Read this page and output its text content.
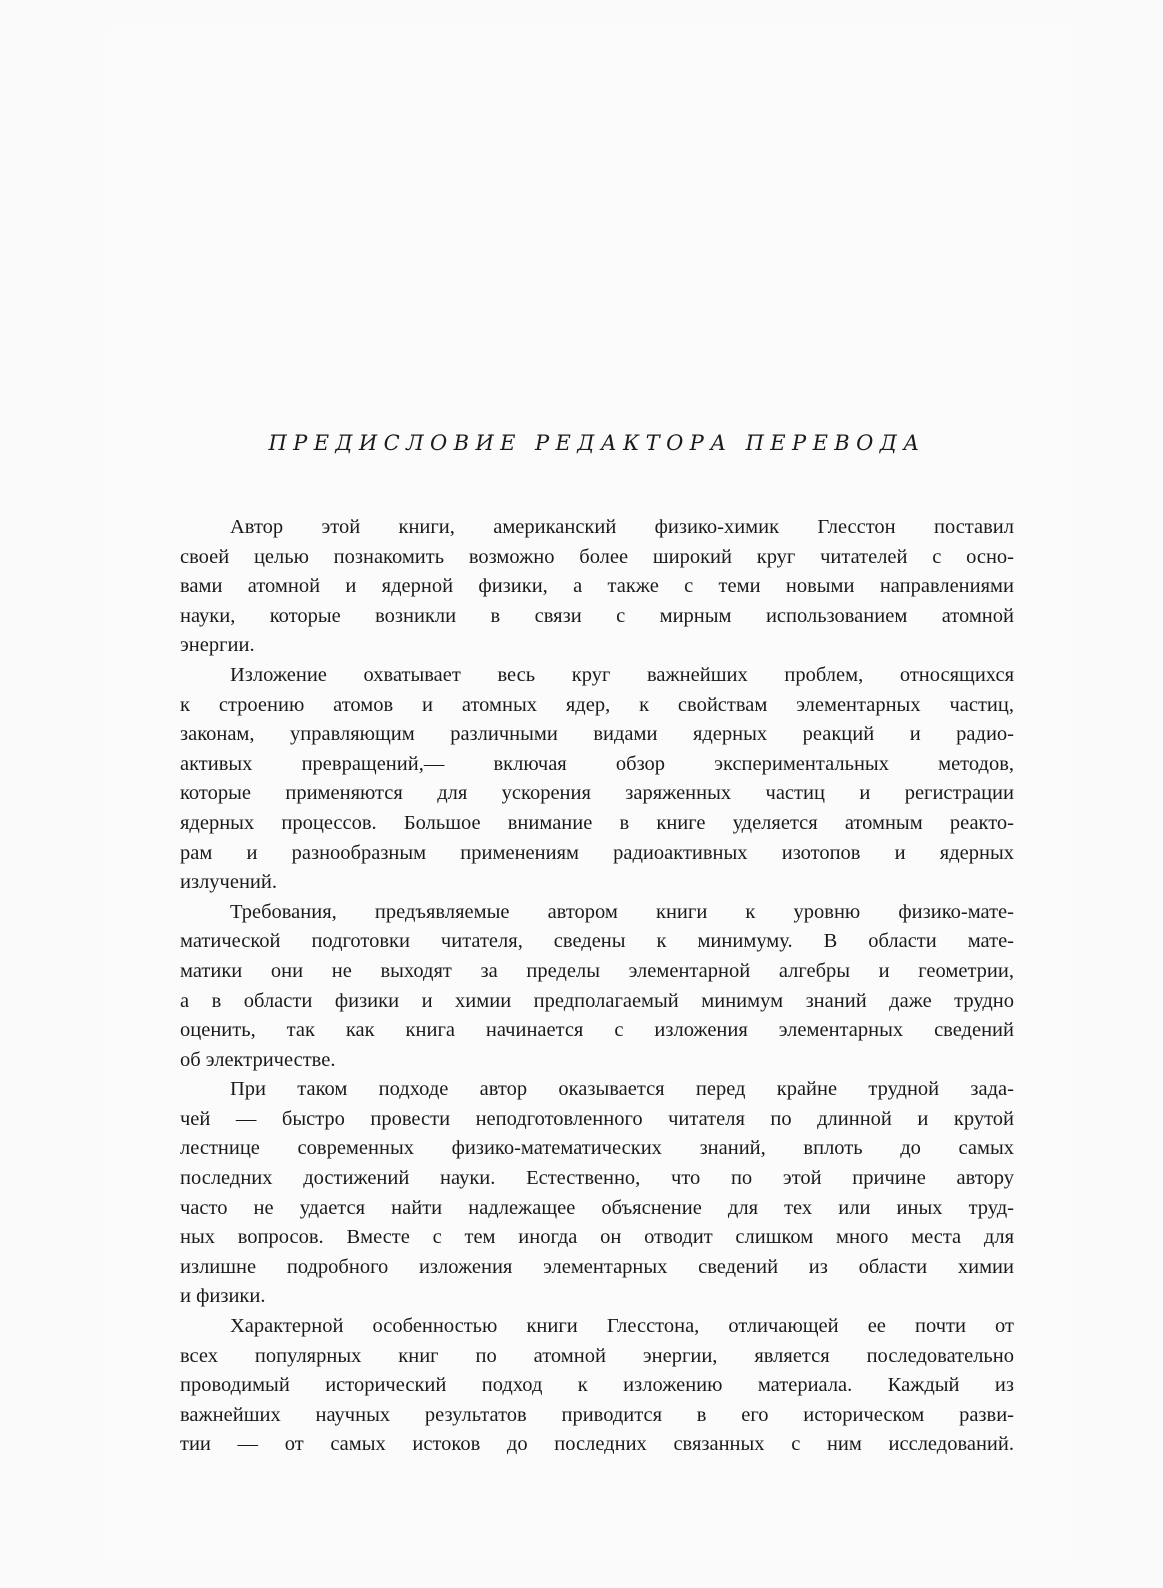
ПРЕДИСЛОВИЕ РЕДАКТОРА ПЕРЕВОДА
Автор этой книги, американский физико-химик Глесстон поставил
своей целью познакомить возможно более широкий круг читателей с осно-
вами атомной и ядерной физики, а также с теми новыми направлениями
науки, которые возникли в связи с мирным использованием атомной
энергии.
Изложение охватывает весь круг важнейших проблем, относящихся
к строению атомов и атомных ядер, к свойствам элементарных частиц,
законам, управляющим различными видами ядерных реакций и радио-
активых превращений,— включая обзор экспериментальных методов,
которые применяются для ускорения заряженных частиц и регистрации
ядерных процессов. Большое внимание в книге уделяется атомным реакто-
рам и разнообразным применениям радиоактивных изотопов и ядерных
излучений.
Требования, предъявляемые автором книги к уровню физико-мате-
матической подготовки читателя, сведены к минимуму. В области мате-
матики они не выходят за пределы элементарной алгебры и геометрии,
а в области физики и химии предполагаемый минимум знаний даже трудно
оценить, так как книга начинается с изложения элементарных сведений
об электричестве.
При таком подходе автор оказывается перед крайне трудной зада-
чей — быстро провести неподготовленного читателя по длинной и крутой
лестнице современных физико-математических знаний, вплоть до самых
последних достижений науки. Естественно, что по этой причине автору
часто не удается найти надлежащее объяснение для тех или иных труд-
ных вопросов. Вместе с тем иногда он отводит слишком много места для
излишне подробного изложения элементарных сведений из области химии
и физики.
Характерной особенностью книги Глесстона, отличающей ее почти от
всех популярных книг по атомной энергии, является последовательно
проводимый исторический подход к изложению материала. Каждый из
важнейших научных результатов приводится в его историческом разви-
тии — от самых истоков до последних связанных с ним исследований.
